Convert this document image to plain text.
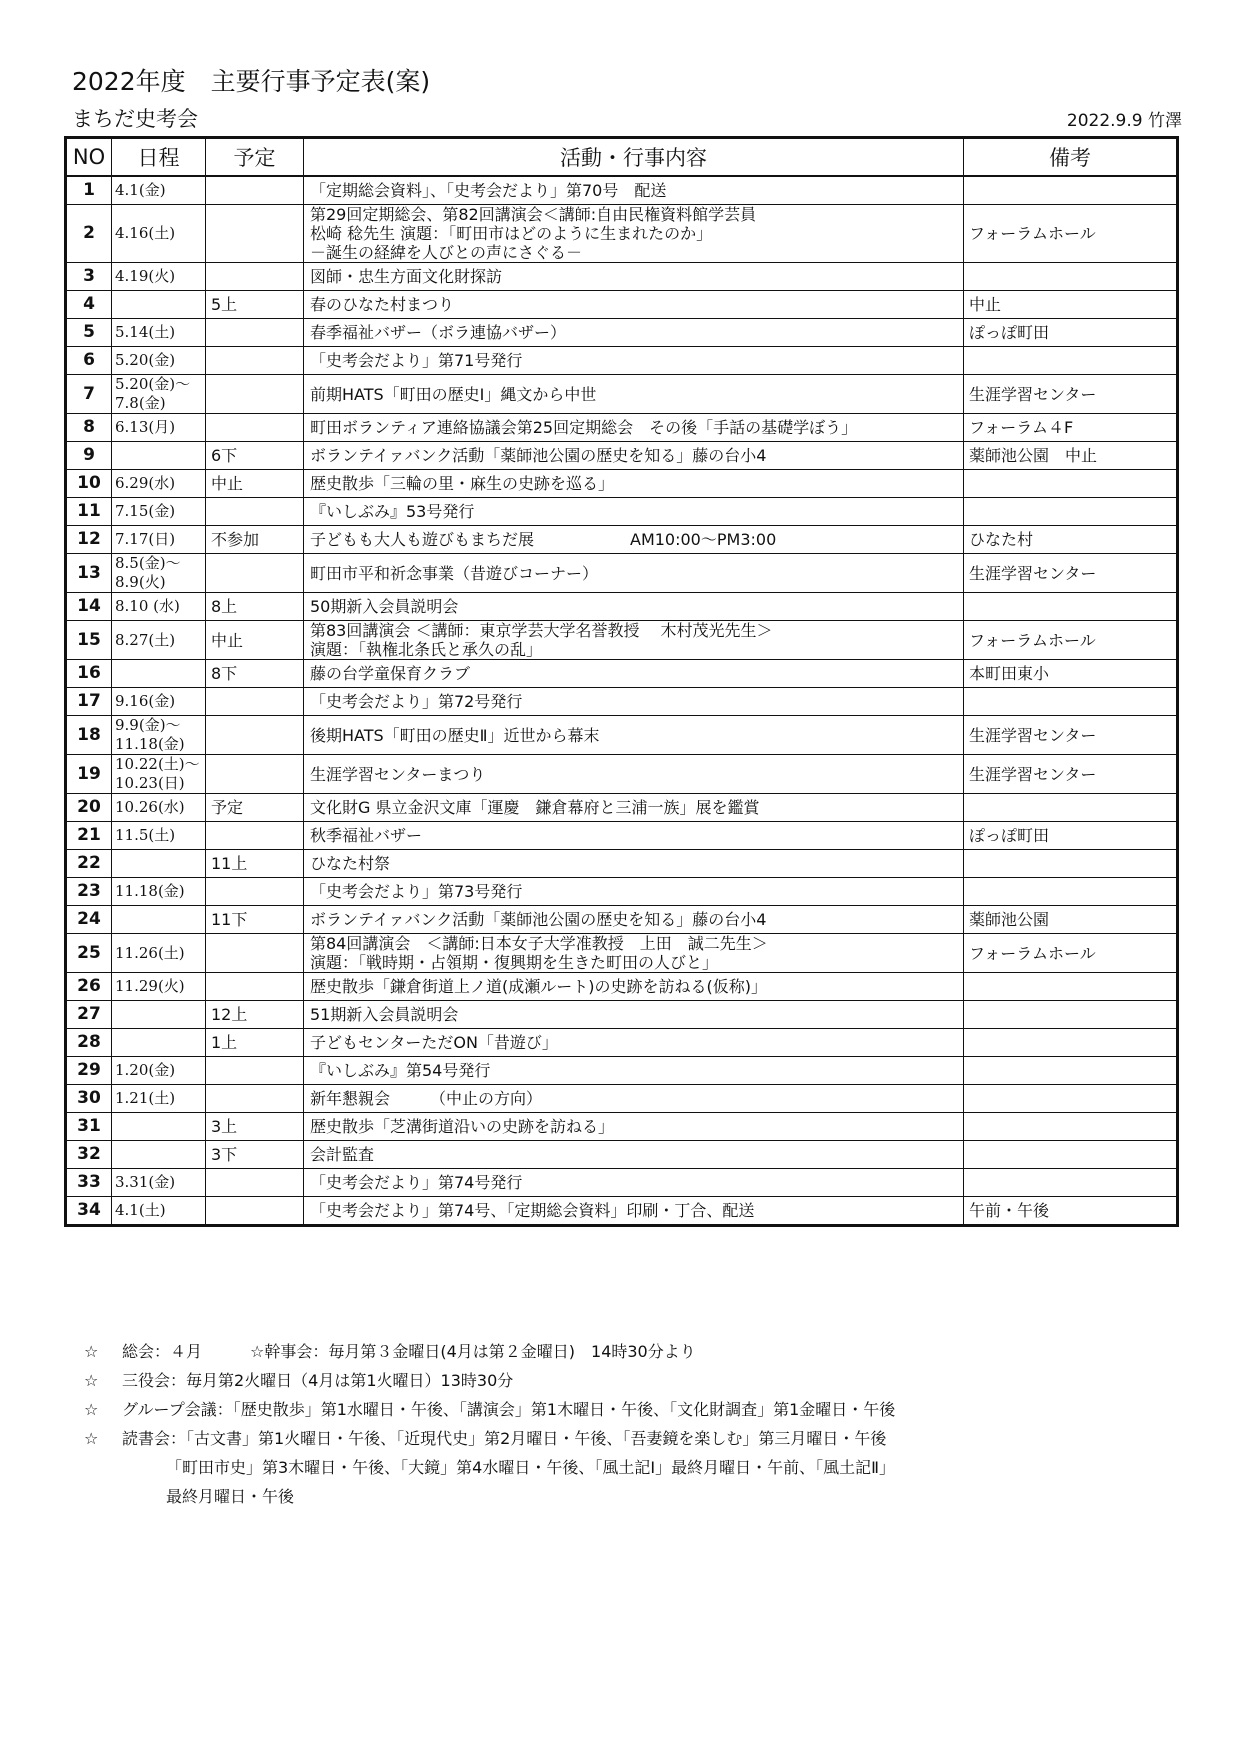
2022年度　主要行事予定表(案)
まちだ史考会	2022.9.9 竹澤
NO	日程	予定	活動・行事内容	備考
1	4.1(金)		「定期総会資料」、「史考会だより」第70号　配送	
2	4.16(土)		第29回定期総会、第82回講演会＜講師:自由民権資料館学芸員
松崎 稔先生 演題：「町田市はどのように生まれたのか」
－誕生の経緯を人びとの声にさぐる－	フォーラムホール
3	4.19(火)		図師・忠生方面文化財探訪	
4		5上	春のひなた村まつり	中止
5	5.14(土)		春季福祉バザー（ボラ連協バザー）	ぽっぽ町田
6	5.20(金)		「史考会だより」第71号発行	
7	5.20(金)～7.8(金)		前期HATS「町田の歴史Ⅰ」縄文から中世	生涯学習センター
8	6.13(月)		町田ボランティア連絡協議会第25回定期総会　その後「手話の基礎学ぼう」	フォーラム４F
9		6下	ボランテイァバンク活動「薬師池公園の歴史を知る」藤の台小4	薬師池公園　中止
10	6.29(水)	中止	歴史散歩「三輪の里・麻生の史跡を巡る」	
11	7.15(金)		『いしぶみ』53号発行	
12	7.17(日)	不参加	子どもも大人も遊びもまちだ展　　　　　　AM10:00～PM3:00	ひなた村
13	8.5(金)～8.9(火)		町田市平和祈念事業（昔遊びコーナー）	生涯学習センター
14	8.10 (水)	8上	50期新入会員説明会	
15	8.27(土)	中止	第83回講演会 ＜講師：東京学芸大学名誉教授　 木村茂光先生＞
演題：「執権北条氏と承久の乱」	フォーラムホール
16		8下	藤の台学童保育クラブ	本町田東小
17	9.16(金)		「史考会だより」第72号発行	
18	9.9(金)～11.18(金)		後期HATS「町田の歴史Ⅱ」近世から幕末	生涯学習センター
19	10.22(土)～10.23(日)		生涯学習センターまつり	生涯学習センター
20	10.26(水)	予定	文化財G 県立金沢文庫「運慶　鎌倉幕府と三浦一族」展を鑑賞	
21	11.5(土)		秋季福祉バザー	ぽっぽ町田
22		11上	ひなた村祭	
23	11.18(金)		「史考会だより」第73号発行	
24		11下	ボランテイァバンク活動「薬師池公園の歴史を知る」藤の台小4	薬師池公園
25	11.26(土)		第84回講演会　＜講師:日本女子大学准教授　上田　誠二先生＞
演題：「戦時期・占領期・復興期を生きた町田の人びと」	フォーラムホール
26	11.29(火)		歴史散歩「鎌倉街道上ノ道(成瀬ルート)の史跡を訪ねる(仮称)」	
27		12上	51期新入会員説明会	
28		1上	子どもセンターただON「昔遊び」	
29	1.20(金)		『いしぶみ』第54号発行	
30	1.21(土)		新年懇親会　　　（中止の方向）	
31		3上	歴史散歩「芝溝街道沿いの史跡を訪ねる」	
32		3下	会計監査	
33	3.31(金)		「史考会だより」第74号発行	
34	4.1(土)		「史考会だより」第74号、「定期総会資料」印刷・丁合、配送	午前・午後
☆ 総会：４月　　　☆幹事会：毎月第３金曜日(4月は第２金曜日)　14時30分より
☆ 三役会：毎月第2火曜日（4月は第1火曜日）13時30分
☆ グループ会議：「歴史散歩」第1水曜日・午後、「講演会」第1木曜日・午後、「文化財調査」第1金曜日・午後
☆ 読書会：「古文書」第1火曜日・午後、「近現代史」第2月曜日・午後、「吾妻鏡を楽しむ」第三月曜日・午後
「町田市史」第3木曜日・午後、「大鏡」第4水曜日・午後、「風土記Ⅰ」最終月曜日・午前、「風土記Ⅱ」
最終月曜日・午後
